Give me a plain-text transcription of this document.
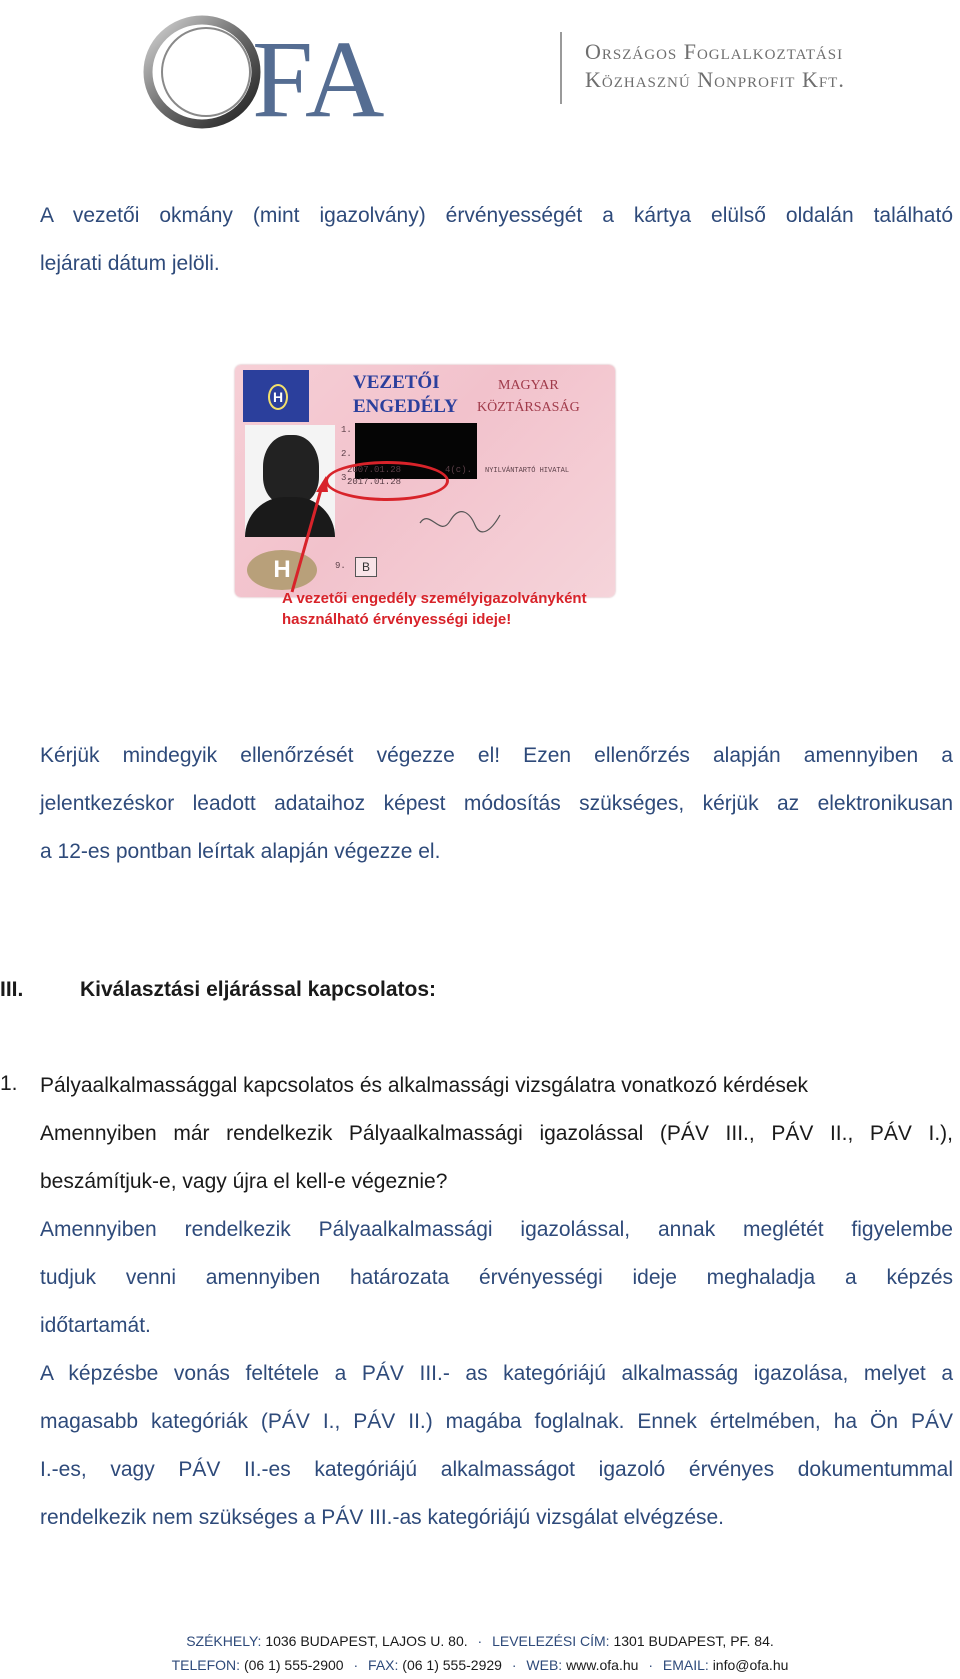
FA	Országos Foglalkoztatási
Közhasznú Nonprofit Kft.
A vezetői okmány (mint igazolvány) érvényességét a kártya elülső oldalán található
lejárati dátum jelöli.
H
VEZETŐI
ENGEDÉLY
MAGYAR
KÖZTÁRSASÁG
1.
2.
3.
2007.01.28
2017.01.28
4(c). NYILVÁNTARTÓ HIVATAL
H	9.	B
A vezetői engedély személyigazolványként
használható érvényességi ideje!
Kérjük mindegyik ellenőrzését végezze el! Ezen ellenőrzés alapján amennyiben a
jelentkezéskor leadott adataihoz képest módosítás szükséges, kérjük az elektronikusan
a 12-es pontban leírtak alapján végezze el.
III.	Kiválasztási eljárással kapcsolatos:
1. Pályaalkalmassággal kapcsolatos és alkalmassági vizsgálatra vonatkozó kérdések
Amennyiben már rendelkezik Pályaalkalmassági igazolással (PÁV III., PÁV II., PÁV I.),
beszámítjuk-e, vagy újra el kell-e végeznie?
Amennyiben rendelkezik Pályaalkalmassági igazolással, annak meglétét figyelembe
tudjuk venni amennyiben határozata érvényességi ideje meghaladja a képzés
időtartamát.
A képzésbe vonás feltétele a PÁV III.- as kategóriájú alkalmasság igazolása, melyet a
magasabb kategóriák (PÁV I., PÁV II.) magába foglalnak. Ennek értelmében, ha Ön PÁV
I.-es, vagy PÁV II.-es kategóriájú alkalmasságot igazoló érvényes dokumentummal
rendelkezik nem szükséges a PÁV III.-as kategóriájú vizsgálat elvégzése.
SZÉKHELY: 1036 BUDAPEST, LAJOS U. 80. · LEVELEZÉSI CÍM: 1301 BUDAPEST, PF. 84.
TELEFON: (06 1) 555-2900 · FAX: (06 1) 555-2929 · WEB: www.ofa.hu · EMAIL: info@ofa.hu
